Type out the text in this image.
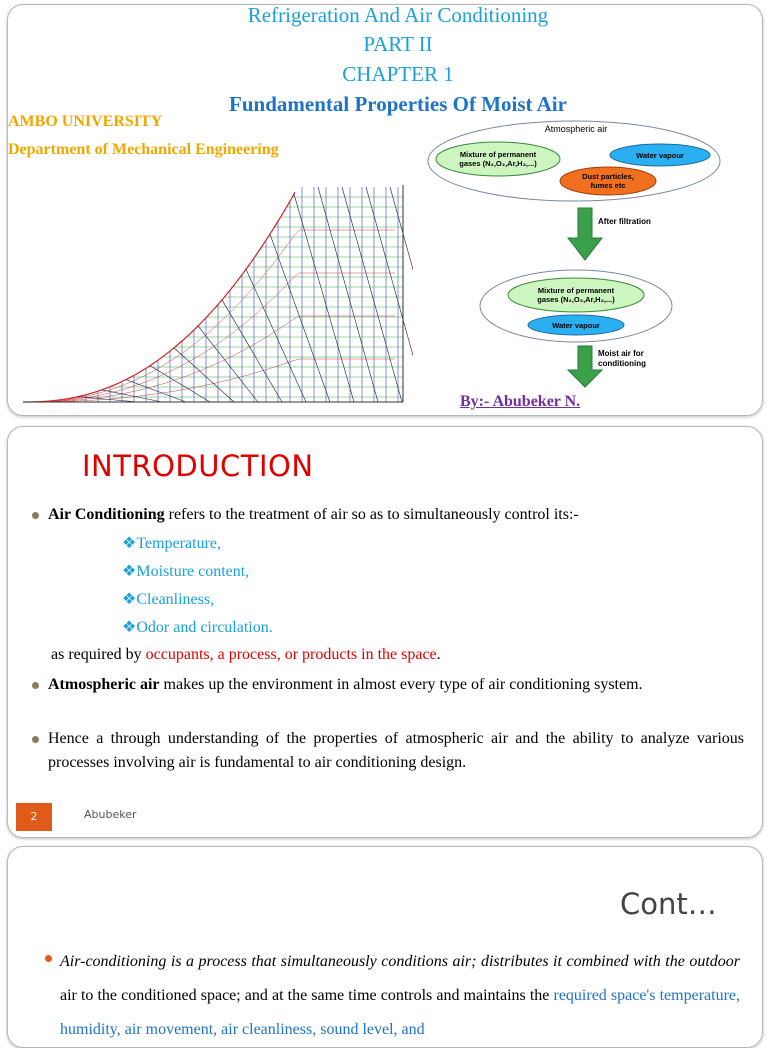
Refrigeration And Air Conditioning
PART II
CHAPTER 1
Fundamental Properties Of Moist Air
AMBO UNIVERSITY
Department of Mechanical Engineering
Atmospheric air
Mixture of permanent
gases (N₂,O₂,Ar,H₂,...)
Water vapour
Dust particles,
fumes etc
After filtration
Mixture of permanent
gases (N₂,O₂,Ar,H₂,...)
Water vapour
Moist air for
conditioning
By:- Abubeker N.
INTRODUCTION
Air Conditioning refers to the treatment of air so as to simultaneously control its:-
❖Temperature,
❖Moisture content,
❖Cleanliness,
❖Odor and circulation.
as required by occupants, a process, or products in the space.
Atmospheric air makes up the environment in almost every type of air conditioning system.
Hence a through understanding of the properties of atmospheric air and the ability to analyze various processes involving air is fundamental to air conditioning design.
2	Abubeker
Cont…
Air-conditioning is a process that simultaneously conditions air; distributes it combined with the outdoor air to the conditioned space; and at the same time controls and maintains the required space's temperature, humidity, air movement, air cleanliness, sound level, and
